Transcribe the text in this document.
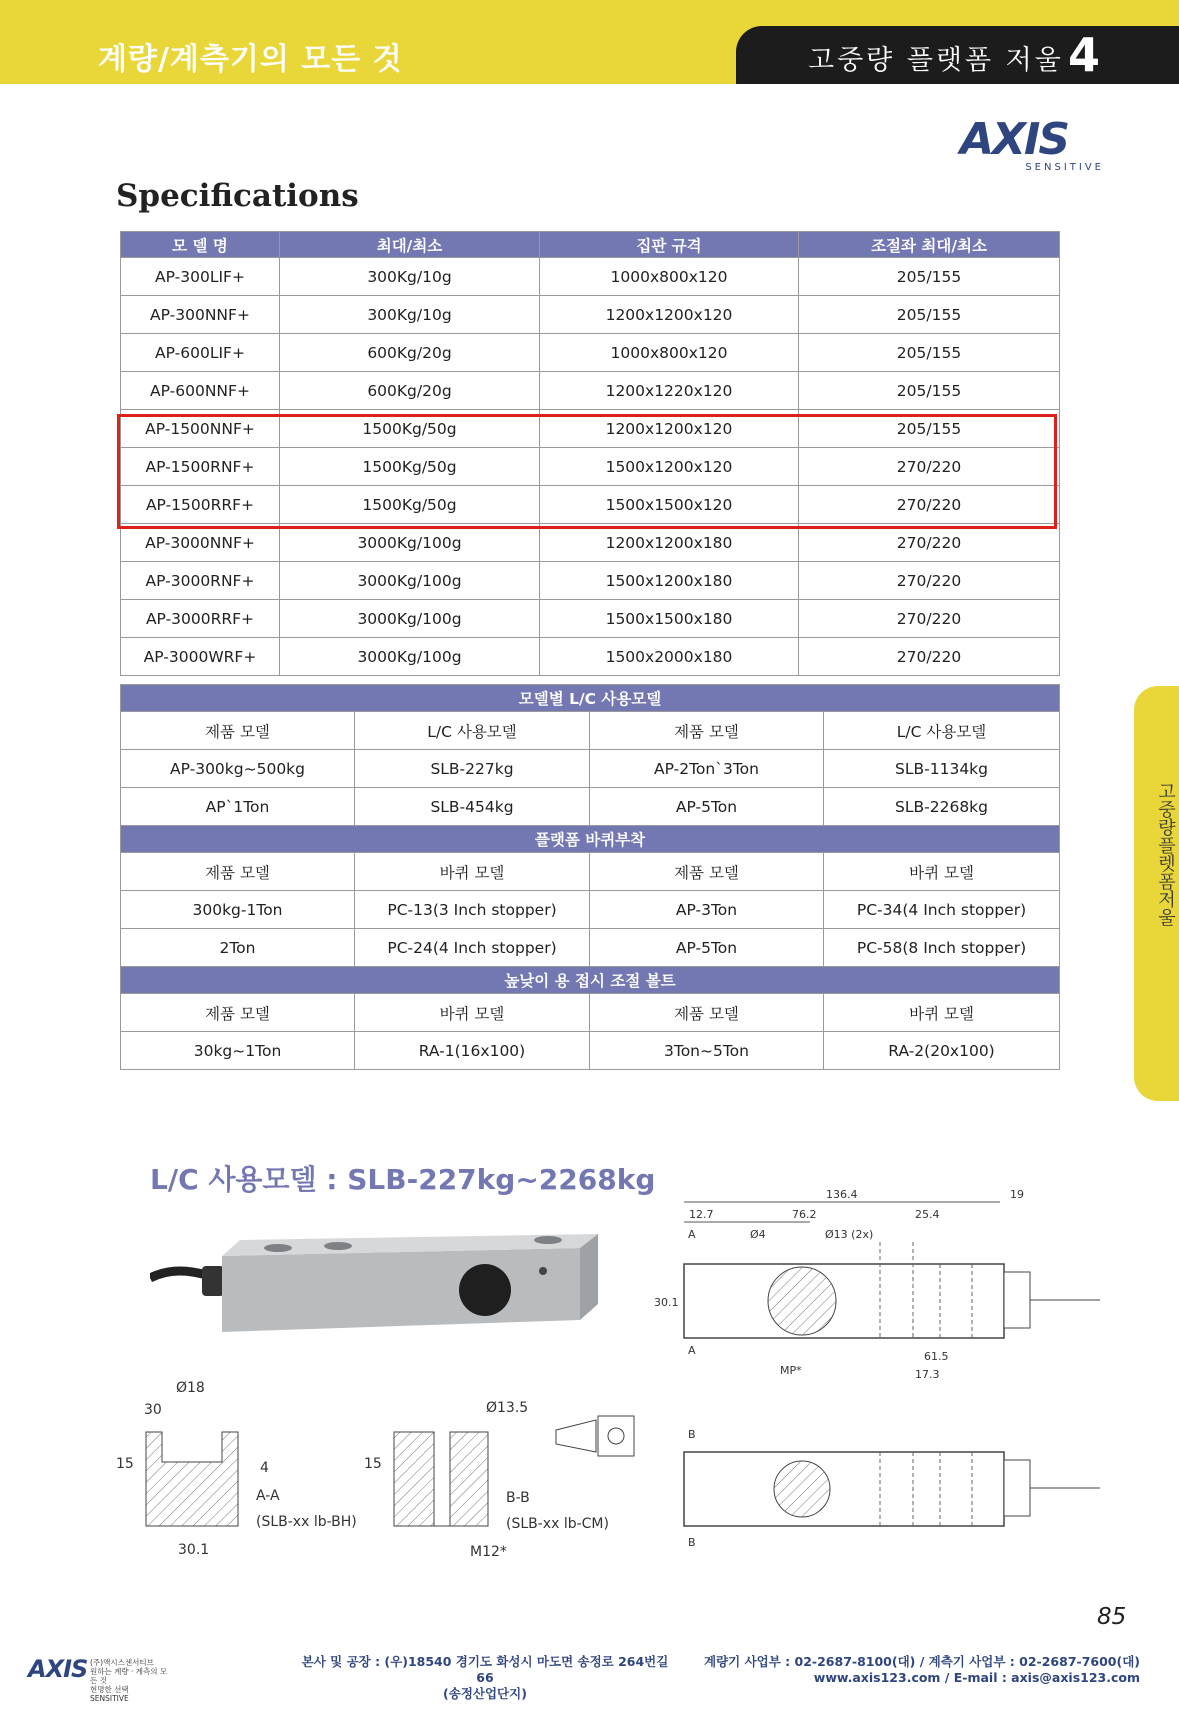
계량/계측기의 모든 것	고중량 플랫폼 저울 4
AXIS
SENSITIVE
Specifications
모 델 명	최대/최소	집판 규격	조절좌 최대/최소
AP-300LIF+	300Kg/10g	1000x800x120	205/155
AP-300NNF+	300Kg/10g	1200x1200x120	205/155
AP-600LIF+	600Kg/20g	1000x800x120	205/155
AP-600NNF+	600Kg/20g	1200x1220x120	205/155
AP-1500NNF+	1500Kg/50g	1200x1200x120	205/155
AP-1500RNF+	1500Kg/50g	1500x1200x120	270/220
AP-1500RRF+	1500Kg/50g	1500x1500x120	270/220
AP-3000NNF+	3000Kg/100g	1200x1200x180	270/220
AP-3000RNF+	3000Kg/100g	1500x1200x180	270/220
AP-3000RRF+	3000Kg/100g	1500x1500x180	270/220
AP-3000WRF+	3000Kg/100g	1500x2000x180	270/220
모델별 L/C 사용모델			
제품 모델	L/C 사용모델	제품 모델	L/C 사용모델
AP-300kg~500kg	SLB-227kg	AP-2Ton`3Ton	SLB-1134kg
AP`1Ton	SLB-454kg	AP-5Ton	SLB-2268kg
플랫폼 바퀴부착			
제품 모델	바퀴 모델	제품 모델	바퀴 모델
300kg-1Ton	PC-13(3 Inch stopper)	AP-3Ton	PC-34(4 Inch stopper)
2Ton	PC-24(4 Inch stopper)	AP-5Ton	PC-58(8 Inch stopper)
높낮이 용 접시 조절 볼트			
제품 모델	바퀴 모델	제품 모델	바퀴 모델
30kg~1Ton	RA-1(16x100)	3Ton~5Ton	RA-2(20x100)
고중량플렛폼저울
L/C 사용모델 : SLB-227kg~2268kg	136.4	19
12.7	76.2	25.4
A	Ø4	Ø13 (2x)
30.1
A
MP*
61.5
17.3
B
B
Ø18
30
15	4
A-A
(SLB-xx lb-BH)
30.1
Ø13.5
15
B-B
(SLB-xx lb-CM)
M12*
85
AXIS (주)액시스센서티브
원하는 계량 · 계측의 모든 것
현명한 선택
SENSITIVE
본사 및 공장 : (우)18540 경기도 화성시 마도면 송정로 264번길 66
(송정산업단지)
계량기 사업부 : 02-2687-8100(대) / 계측기 사업부 : 02-2687-7600(대)
www.axis123.com / E-mail : axis@axis123.com
